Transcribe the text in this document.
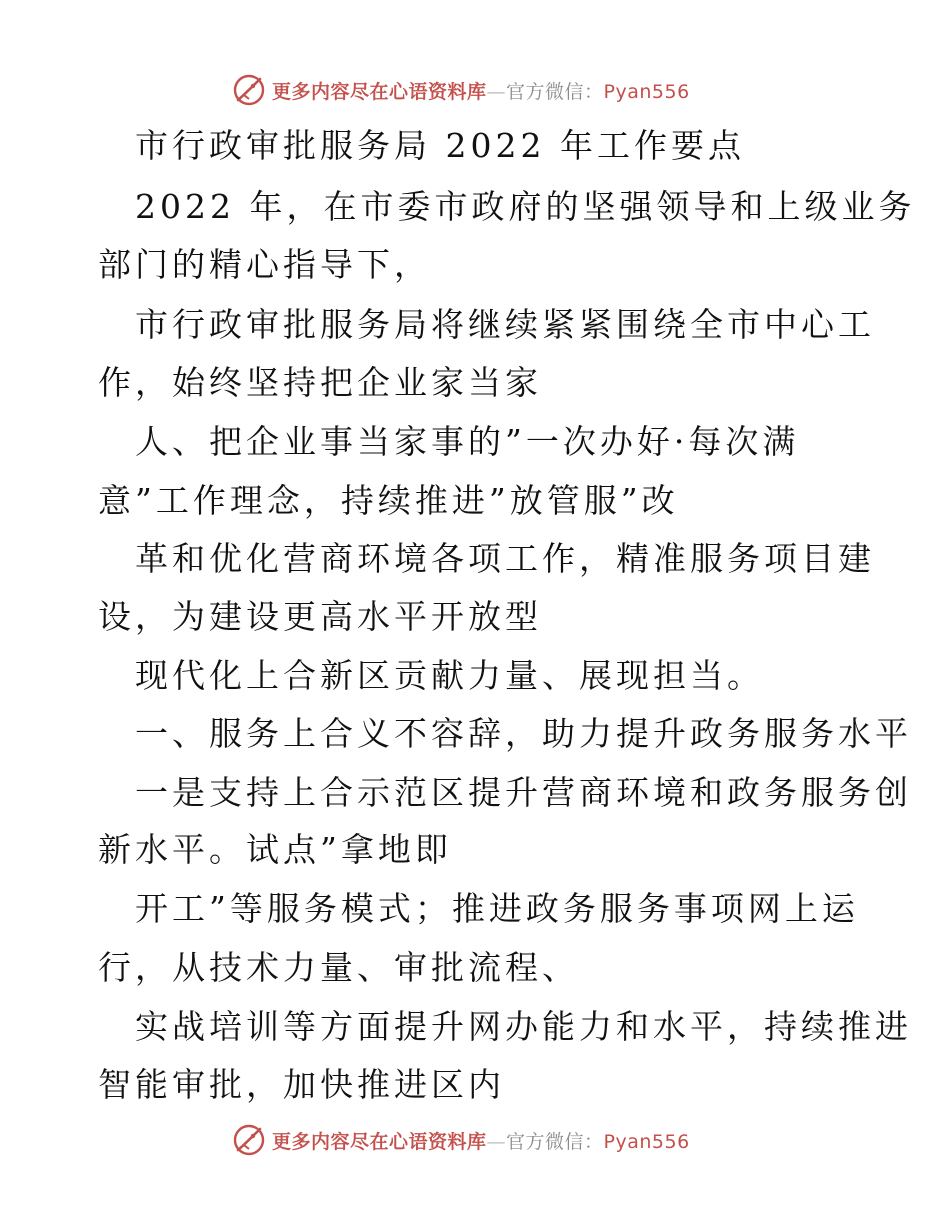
更多内容尽在心语资料库—官方微信：Pyan556
市行政审批服务局 2022 年工作要点
2022 年，在市委市政府的坚强领导和上级业务
部门的精心指导下，
市行政审批服务局将继续紧紧围绕全市中心工
作，始终坚持把企业家当家
人、把企业事当家事的”一次办好·每次满
意”工作理念，持续推进”放管服”改
革和优化营商环境各项工作，精准服务项目建
设，为建设更高水平开放型
现代化上合新区贡献力量、展现担当。
一、服务上合义不容辞，助力提升政务服务水平
一是支持上合示范区提升营商环境和政务服务创
新水平。试点”拿地即
开工”等服务模式；推进政务服务事项网上运
行，从技术力量、审批流程、
实战培训等方面提升网办能力和水平，持续推进
智能审批，加快推进区内
更多内容尽在心语资料库—官方微信：Pyan556
